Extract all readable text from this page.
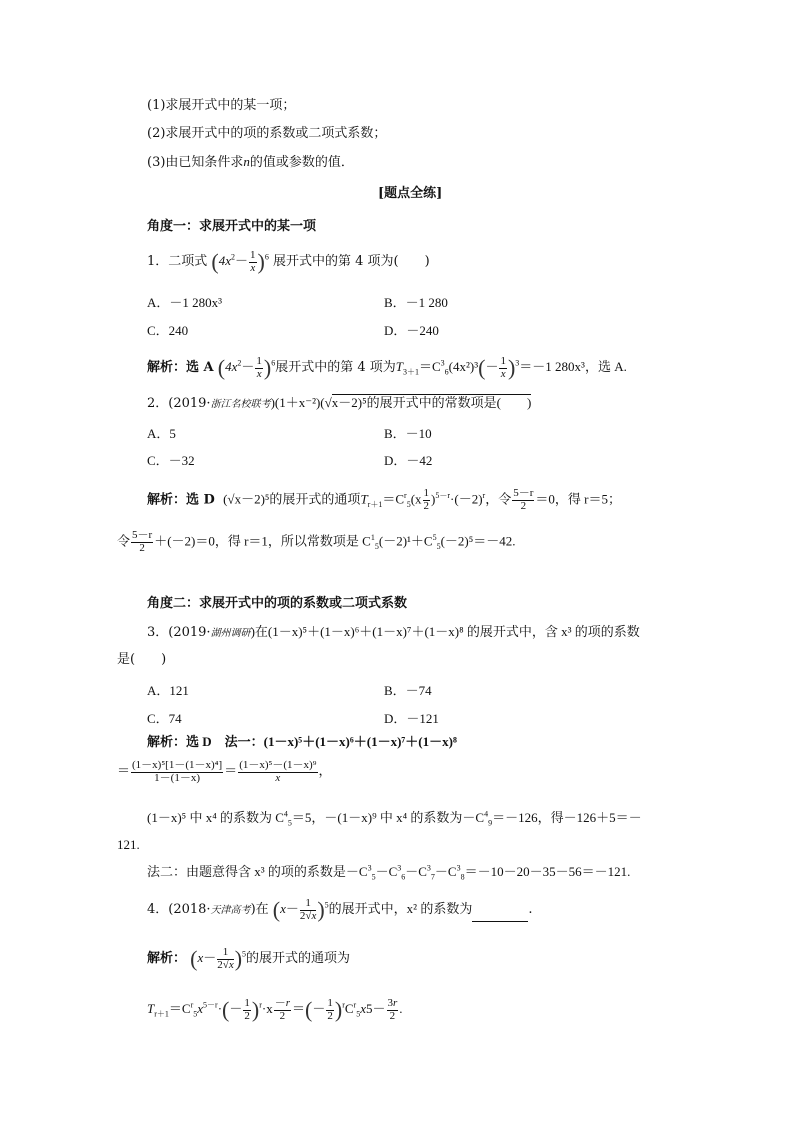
(1)求展开式中的某一项；
(2)求展开式中的项的系数或二项式系数；
(3)由已知条件求n的值或参数的值．
[题点全练]
角度一：求展开式中的某一项
1．二项式 $(4x^2- \frac{1}{x} )^6$ 展开式中的第 4 项为(　　)
A．－1 280x³	B．－1 280
C．240	D．－240
解析：选 A $(4x^2- \frac{1}{x} )^6$展开式中的第 4 项为$T_{3+1}=C^3_6(4x^2)^3(- \frac{1}{x} )^3=-1$ 280x³，选 A.
2．(2019·浙江名校联考)(1＋x⁻²)(√x－2)⁵的展开式中的常数项是(　　)
A．5	B．－10
C．－32	D．－42
解析：选 D (√x－2)⁵的展开式的通项$T_{r+1}=C^r_5(x \frac{1}{2} )^{5-r}\cdot(-2)^r$，令 $\frac{5-r}{2} =0$，得 r＝5；
令 $\frac{5-r}{2} +(-2)=0$，得 r＝1，所以常数项是 $C^1_5(-2)^1+C^5_5(-2)^5=-42$.
角度二：求展开式中的项的系数或二项式系数
3．(2019·湖州调研)在(1－x)⁵＋(1－x)⁶＋(1－x)⁷＋(1－x)⁸ 的展开式中，含 x³ 的项的系数
是(　　)
A．121	B．－74
C．74	D．－121
解析：选 D　法一：(1－x)⁵＋(1－x)⁶＋(1－x)⁷＋(1－x)⁸
＝ $\frac{\text{(1－x)⁵[1－(1－x)⁴]}}{1-(1-x)} = \frac{\text{(1－x)⁵－(1－x)⁹}}{x}$ ，
(1－x)⁵ 中 x⁴ 的系数为 $C^4_5=5$，－(1－x)⁹ 中 x⁴ 的系数为$-C^4_9=-126$，得－126＋5＝－
121.
法二：由题意得含 x³ 的项的系数是$-C^3_5-C^3_6-C^3_7-C^3_8=-10-20-35-56=-121$.
4．(2018·天津高考)在 $(x- \frac{1}{2√x} )^5$的展开式中，x² 的系数为	.
解析： $(x- \frac{1}{2√x} )^5$的展开式的通项为
$T_{r+1}=C^r_5x^{5-r}\cdot(- \frac{1}{2} )^r\cdot x \frac{-r}{2}$ ＝(－ $\frac{1}{2} )^rC^r_5x5- \frac{3r}{2}$ .
